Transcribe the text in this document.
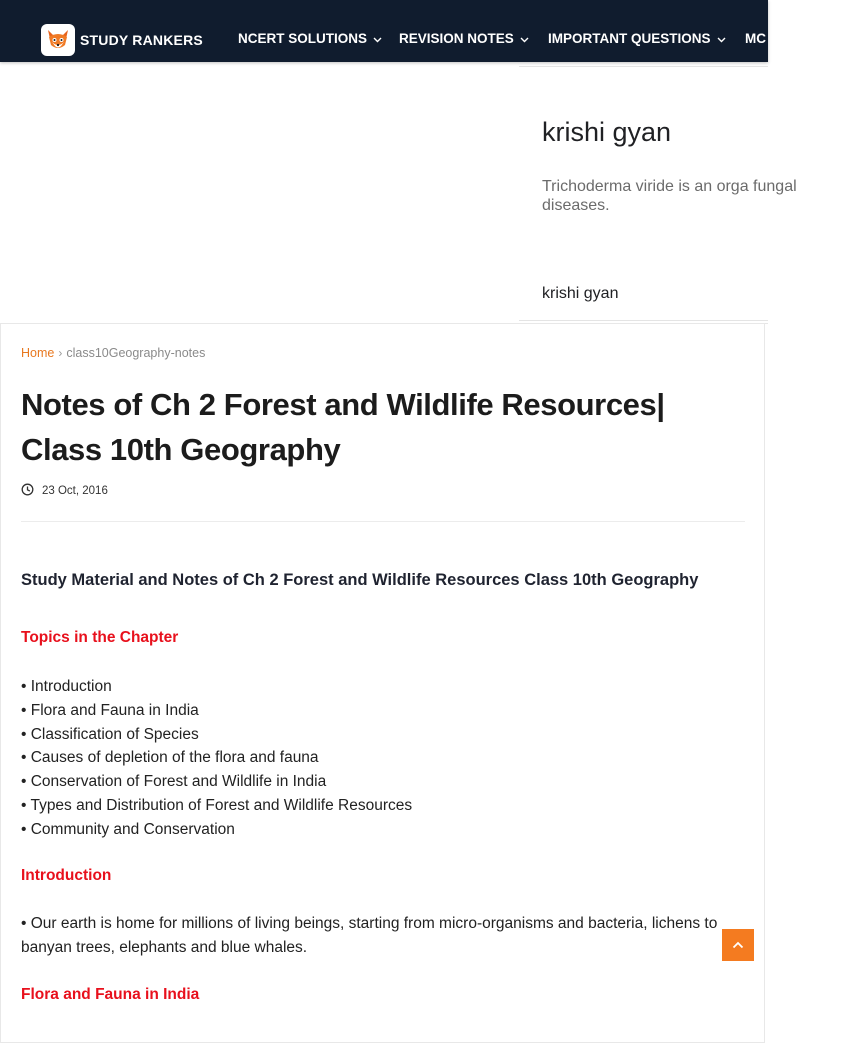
STUDY RANKERS	NCERT SOLUTIONS REVISION NOTES	IMPORTANT QUESTIONS	MC
krishi gyan
Trichoderma viride is an orga fungal diseases.
krishi gyan
Home › class10Geography-notes
Notes of Ch 2 Forest and Wildlife Resources| Class 10th Geography
23 Oct, 2016
Study Material and Notes of Ch 2 Forest and Wildlife Resources Class 10th Geography
Topics in the Chapter
• Introduction
• Flora and Fauna in India
• Classification of Species
• Causes of depletion of the flora and fauna
• Conservation of Forest and Wildlife in India
• Types and Distribution of Forest and Wildlife Resources
• Community and Conservation
Introduction

• Our earth is home for millions of living beings, starting from micro-organisms and bacteria, lichens to banyan trees, elephants and blue whales.

Flora and Fauna in India
